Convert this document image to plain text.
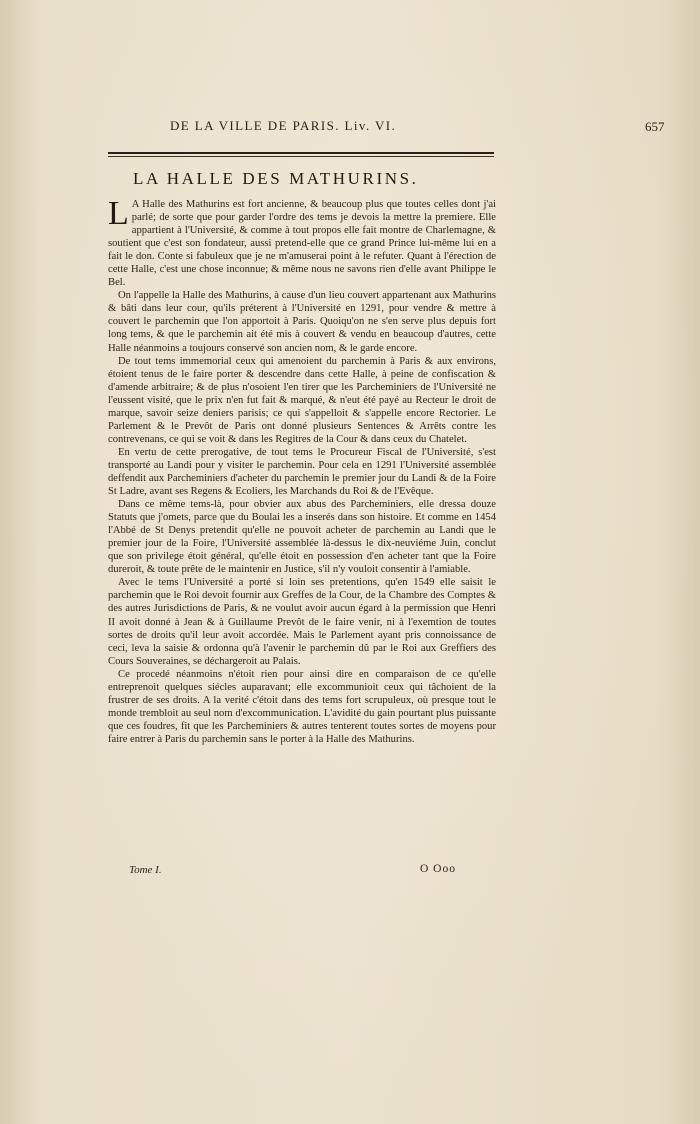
DE LA VILLE DE PARIS. Liv. VI.	657
LA HALLE DES MATHURINS.

L A Halle des Mathurins est fort ancienne, & beaucoup plus que toutes celles dont j'ai parlé; de sorte que pour garder l'ordre des tems je devois la mettre la premiere. Elle appartient à l'Université, & comme à tout propos elle fait montre de Charlemagne, & soutient que c'est son fondateur, aussi pretend-elle que ce grand Prince lui-même lui en a fait le don. Conte si fabuleux que je ne m'amuserai point à le refuter. Quant à l'érection de cette Halle, c'est une chose inconnue; & même nous ne savons rien d'elle avant Philippe le Bel.

On l'appelle la Halle des Mathurins, à cause d'un lieu couvert appartenant aux Mathurins & bâti dans leur cour, qu'ils préterent à l'Université en 1291, pour vendre & mettre à couvert le parchemin que l'on apportoit à Paris. Quoiqu'on ne s'en serve plus depuis fort long tems, & que le parchemin ait été mis à couvert & vendu en beaucoup d'autres, cette Halle néanmoins a toujours conservé son ancien nom, & le garde encore.

De tout tems immemorial ceux qui amenoient du parchemin à Paris & aux environs, étoient tenus de le faire porter & descendre dans cette Halle, à peine de confiscation & d'amende arbitraire; & de plus n'osoient l'en tirer que les Parcheminiers de l'Université ne l'eussent visité, que le prix n'en fut fait & marqué, & n'eut été payé au Recteur le droit de marque, savoir seize deniers parisis; ce qui s'appelloit & s'appelle encore Rectorier. Le Parlement & le Prevôt de Paris ont donné plusieurs Sentences & Arrêts contre les contrevenans, ce qui se voit & dans les Regitres de la Cour & dans ceux du Chatelet.

En vertu de cette prerogative, de tout tems le Procureur Fiscal de l'Université, s'est transporté au Landi pour y visiter le parchemin. Pour cela en 1291 l'Université assemblée deffendit aux Parcheminiers d'acheter du parchemin le premier jour du Landi & de la Foire St Ladre, avant ses Regens & Ecoliers, les Marchands du Roi & de l'Evêque.

Dans ce même tems-là, pour obvier aux abus des Parcheminiers, elle dressa douze Statuts que j'omets, parce que du Boulai les a inserés dans son histoire. Et comme en 1454 l'Abbé de St Denys pretendit qu'elle ne pouvoit acheter de parchemin au Landi que le premier jour de la Foire, l'Université assemblée là-dessus le dix-neuviéme Juin, conclut que son privilege étoit général, qu'elle étoit en possession d'en acheter tant que la Foire dureroit, & toute prête de le maintenir en Justice, s'il n'y vouloit consentir à l'amiable.

Avec le tems l'Université a porté si loin ses pretentions, qu'en 1549 elle saisit le parchemin que le Roi devoit fournir aux Greffes de la Cour, de la Chambre des Comptes & des autres Jurisdictions de Paris, & ne voulut avoir aucun égard à la permission que Henri II avoit donné à Jean & à Guillaume Prevôt de le faire venir, ni à l'exemtion de toutes sortes de droits qu'il leur avoit accordée. Mais le Parlement ayant pris connoissance de ceci, leva la saisie & ordonna qu'à l'avenir le parchemin dû par le Roi aux Greffiers des Cours Souveraines, se déchargeroit au Palais.

Ce procedé néanmoins n'étoit rien pour ainsi dire en comparaison de ce qu'elle entreprenoit quelques siécles auparavant; elle excommunioit ceux qui tâchoient de la frustrer de ses droits. A la verité c'étoit dans des tems fort scrupuleux, où presque tout le monde trembloit au seul nom d'excommunication. L'avidité du gain pourtant plus puissante que ces foudres, fit que les Parcheminiers & autres tenterent toutes sortes de moyens pour faire entrer à Paris du parchemin sans le porter à la Halle des Mathurins.

Tome I.	O Ooo
